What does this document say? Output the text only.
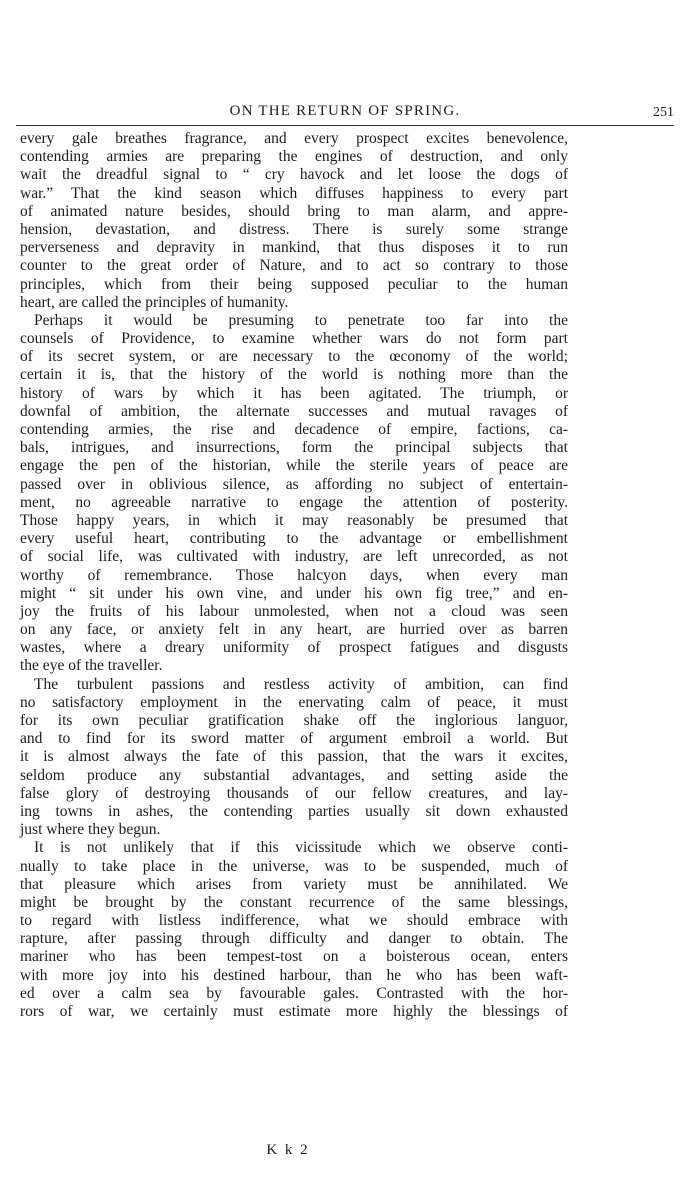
ON THE RETURN OF SPRING.	251
every gale breathes fragrance, and every prospect excites benevolence,
contending armies are preparing the engines of destruction, and only
wait the dreadful signal to “ cry havock and let loose the dogs of
war.” That the kind season which diffuses happiness to every part
of animated nature besides, should bring to man alarm, and appre-
hension, devastation, and distress. There is surely some strange
perverseness and depravity in mankind, that thus disposes it to run
counter to the great order of Nature, and to act so contrary to those
principles, which from their being supposed peculiar to the human
heart, are called the principles of humanity.
Perhaps it would be presuming to penetrate too far into the
counsels of Providence, to examine whether wars do not form part
of its secret system, or are necessary to the œconomy of the world;
certain it is, that the history of the world is nothing more than the
history of wars by which it has been agitated. The triumph, or
downfal of ambition, the alternate successes and mutual ravages of
contending armies, the rise and decadence of empire, factions, ca-
bals, intrigues, and insurrections, form the principal subjects that
engage the pen of the historian, while the sterile years of peace are
passed over in oblivious silence, as affording no subject of entertain-
ment, no agreeable narrative to engage the attention of posterity.
Those happy years, in which it may reasonably be presumed that
every useful heart, contributing to the advantage or embellishment
of social life, was cultivated with industry, are left unrecorded, as not
worthy of remembrance. Those halcyon days, when every man
might “ sit under his own vine, and under his own fig tree,” and en-
joy the fruits of his labour unmolested, when not a cloud was seen
on any face, or anxiety felt in any heart, are hurried over as barren
wastes, where a dreary uniformity of prospect fatigues and disgusts
the eye of the traveller.
The turbulent passions and restless activity of ambition, can find
no satisfactory employment in the enervating calm of peace, it must
for its own peculiar gratification shake off the inglorious languor,
and to find for its sword matter of argument embroil a world. But
it is almost always the fate of this passion, that the wars it excites,
seldom produce any substantial advantages, and setting aside the
false glory of destroying thousands of our fellow creatures, and lay-
ing towns in ashes, the contending parties usually sit down exhausted
just where they begun.
It is not unlikely that if this vicissitude which we observe conti-
nually to take place in the universe, was to be suspended, much of
that pleasure which arises from variety must be annihilated. We
might be brought by the constant recurrence of the same blessings,
to regard with listless indifference, what we should embrace with
rapture, after passing through difficulty and danger to obtain. The
mariner who has been tempest-tost on a boisterous ocean, enters
with more joy into his destined harbour, than he who has been waft-
ed over a calm sea by favourable gales. Contrasted with the hor-
rors of war, we certainly must estimate more highly the blessings of
K k 2
